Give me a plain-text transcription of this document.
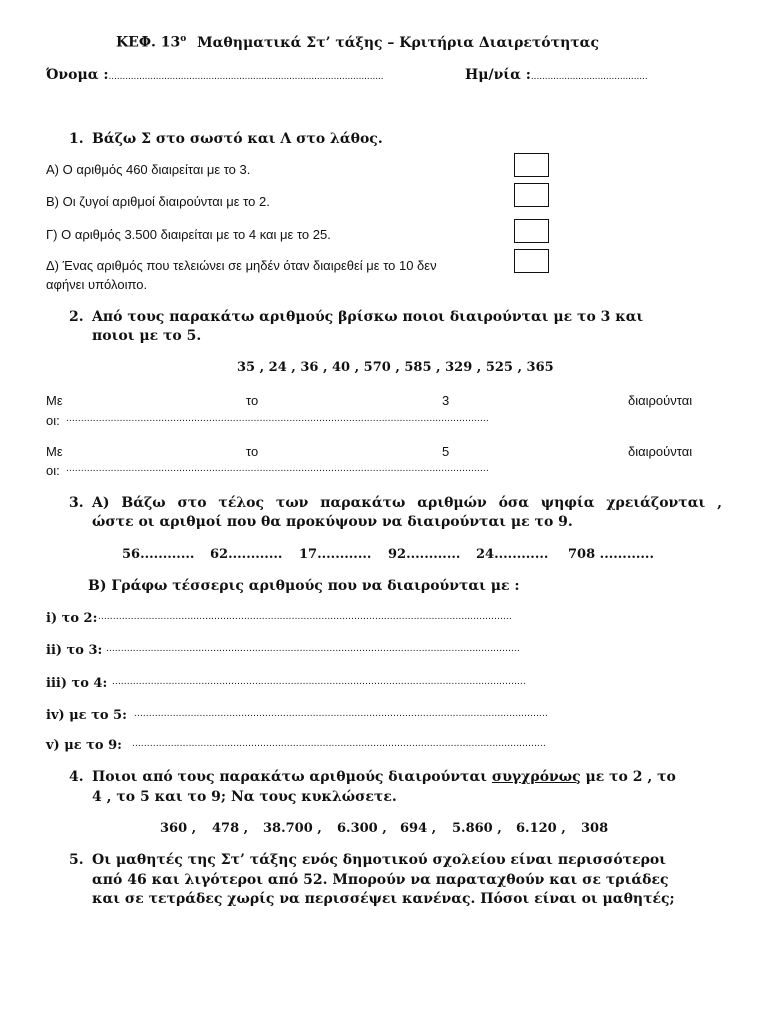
ΚΕΦ. $13^o$ Μαθηματικά Στ’ τάξης – Κριτήρια Διαιρετότητας
Όνομα :...................................................................................................	Ημ/νία :..........................................
1. Βάζω Σ στο σωστό και Λ στο λάθος.
Α) Ο αριθμός 460 διαιρείται με το 3.
Β) Οι ζυγοί αριθμοί διαιρούνται με το 2.
Γ) Ο αριθμός 3.500 διαιρείται με το 4 και με το 25.
Δ) Ένας αριθμός που τελειώνει σε μηδέν όταν διαιρεθεί με το 10 δεν
αφήνει υπόλοιπο.
2. Από τους παρακάτω αριθμούς βρίσκω ποιοι διαιρούνται με το 3 και
ποιοι με το 5.
35 , 24 , 36 , 40 , 570 , 585 , 329 , 525 , 365
Με	το	3	διαιρούνται
οι: ..............................................................................................................................................
Με	το	5	διαιρούνται
οι: ..............................................................................................................................................
3. Α) Βάζω στο τέλος των παρακάτω αριθμών όσα ψηφία χρειάζονται ,
ώστε οι αριθμοί που θα προκύψουν να διαιρούνται με το 9.
56............ 62............ 17............ 92............ 24............ 708 ............
Β) Γράφω τέσσερις αριθμούς που να διαιρούνται με :
i) το 2: ...........................................................................................................................................
ii) το 3: ...........................................................................................................................................
iii) το 4: ...........................................................................................................................................
iv) με το 5: ...........................................................................................................................................
v) με το 9: ...........................................................................................................................................
4. Ποιοι από τους παρακάτω αριθμούς διαιρούνται συγχρόνως με το 2 , το
4 , το 5 και το 9; Να τους κυκλώσετε.
360 , 478 , 38.700 , 6.300 , 694 , 5.860 , 6.120 , 308
5. Οι μαθητές της Στ’ τάξης ενός δημοτικού σχολείου είναι περισσότεροι
από 46 και λιγότεροι από 52. Μπορούν να παραταχθούν και σε τριάδες
και σε τετράδες χωρίς να περισσέψει κανένας. Πόσοι είναι οι μαθητές;
